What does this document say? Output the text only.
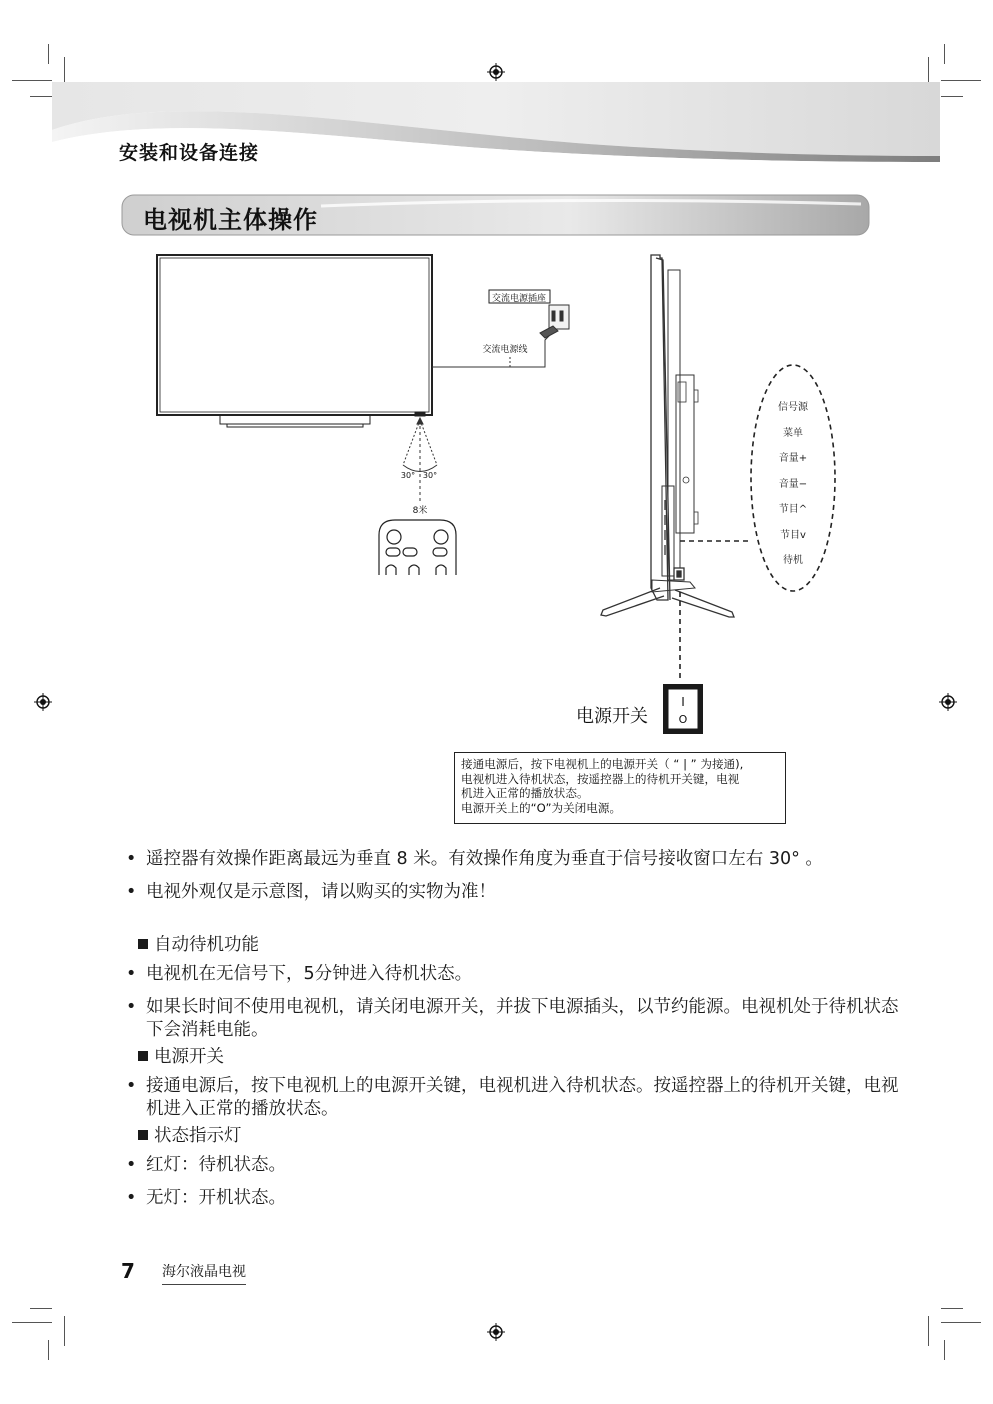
安装和设备连接
电视机主体操作
交流电源插座
交流电源线
30° 30°
8米
信号源
菜单
音量+
音量−
节目^
节目v
待机
电源开关
I
O
接通电源后，按下电视机上的电源开关（ “ | ” 为接通),
电视机进入待机状态，按遥控器上的待机开关键，电视
机进入正常的播放状态。
电源开关上的“O”为关闭电源。
• 遥控器有效操作距离最远为垂直 8 米。有效操作角度为垂直于信号接收窗口左右 30° 。
• 电视外观仅是示意图，请以购买的实物为准！
自动待机功能
• 电视机在无信号下，5分钟进入待机状态。
• 如果长时间不使用电视机，请关闭电源开关，并拔下电源插头，以节约能源。电视机处于待机状态下会消耗电能。
电源开关
• 接通电源后，按下电视机上的电源开关键，电视机进入待机状态。按遥控器上的待机开关键，电视机进入正常的播放状态。
状态指示灯
• 红灯：待机状态。
• 无灯：开机状态。
7 海尔液晶电视
